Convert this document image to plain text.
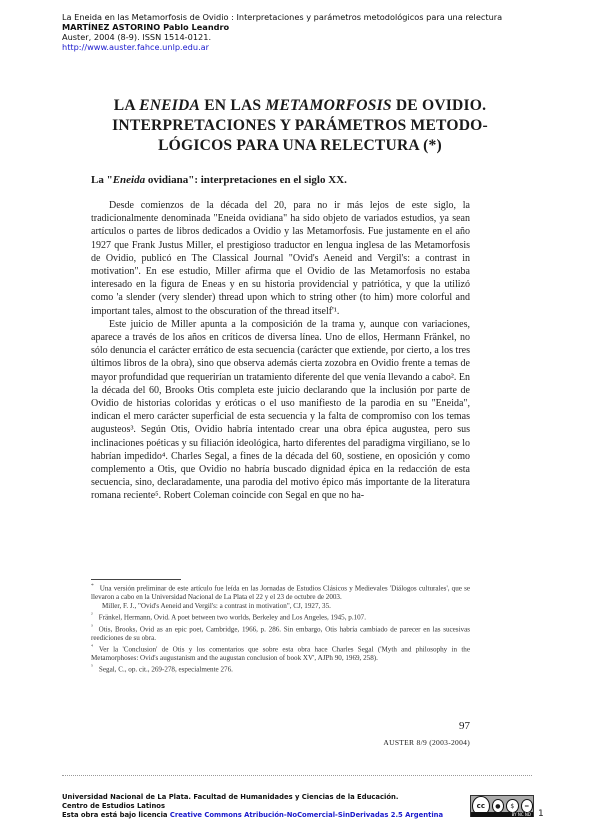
La Eneida en las Metamorfosis de Ovidio : Interpretaciones y parámetros metodológicos para una relectura
MARTÍNEZ ASTORINO Pablo Leandro
Auster, 2004 (8-9). ISSN 1514-0121.
http://www.auster.fahce.unlp.edu.ar
LA ENEIDA EN LAS METAMORFOSIS DE OVIDIO.
INTERPRETACIONES Y PARÁMETROS METODO-
LÓGICOS PARA UNA RELECTURA (*)
La "Eneida ovidiana": interpretaciones en el siglo XX.

Desde comienzos de la década del 20, para no ir más lejos de este siglo, la tradicionalmente denominada "Eneida ovidiana" ha sido objeto de variados estudios, ya sean artículos o partes de libros dedicados a Ovidio y las Metamorfosis. Fue justamente en el año 1927 que Frank Justus Miller, el prestigioso traductor en lengua inglesa de las Metamorfosis de Ovidio, publicó en The Classical Journal "Ovid's Aeneid and Vergil's: a contrast in motivation". En ese estudio, Miller afirma que el Ovidio de las Metamorfosis no estaba interesado en la figura de Eneas y en su historia providencial y patriótica, y que la utilizó como 'a slender (very slender) thread upon which to string other (to him) more colorful and important tales, almost to the obscuration of the thread itself'¹.

Este juicio de Miller apunta a la composición de la trama y, aunque con variaciones, aparece a través de los años en críticos de diversa línea. Uno de ellos, Hermann Fränkel, no sólo denuncia el carácter errático de esta secuencia (carácter que extiende, por cierto, a los tres últimos libros de la obra), sino que observa además cierta zozobra en Ovidio frente a temas de mayor profundidad que requerirían un tratamiento diferente del que venía llevando a cabo². En la década del 60, Brooks Otis completa este juicio declarando que la inclusión por parte de Ovidio de historias coloridas y eróticas o el uso manifiesto de la parodia en su "Eneida", indican el mero carácter superficial de esta secuencia y la falta de compromiso con los temas augusteos³. Según Otis, Ovidio habría intentado crear una obra épica augustea, pero sus inclinaciones poéticas y su filiación ideológica, harto diferentes del paradigma virgiliano, se lo habrían impedido⁴. Charles Segal, a fines de la década del 60, sostiene, en oposición y como complemento a Otis, que Ovidio no habría buscado dignidad épica en la redacción de esta secuencia, sino, declaradamente, una parodia del motivo épico más importante de la literatura romana reciente⁵. Robert Coleman coincide con Segal en que no ha-

* Una versión preliminar de este artículo fue leída en las Jornadas de Estudios Clásicos y Medievales 'Diálogos culturales', que se llevaron a cabo en la Universidad Nacional de La Plata el 22 y el 23 de octubre de 2003.

Miller, F. J., "Ovid's Aeneid and Vergil's: a contrast in motivation", CJ, 1927, 35.

$^{^2}$ Fränkel, Hermann, Ovid. A poet between two worlds, Berkeley and Los Angeles, 1945, p.107.

$^{^3}$ Otis, Brooks, Ovid as an epic poet, Cambridge, 1966, p. 286. Sin embargo, Otis habría cambiado de parecer en las sucesivas reediciones de su obra.

$^{^4}$ Ver la 'Conclusion' de Otis y los comentarios que sobre esta obra hace Charles Segal ('Myth and philosophy in the Metamorphoses: Ovid's augustanism and the augustan conclusion of book XV', AJPh 90, 1969, 258).

$^{^5}$ Segal, C., op. cit., 269-278, especialmente 276.

97
AUSTER 8/9 (2003-2004)
Universidad Nacional de La Plata. Facultad de Humanidades y Ciencias de la Educación.
Centro de Estudios Latinos
Esta obra está bajo licencia Creative Commons Atribución-NoComercial-SinDerivadas 2.5 Argentina
cc	●	$	=
BY NC ND 1
